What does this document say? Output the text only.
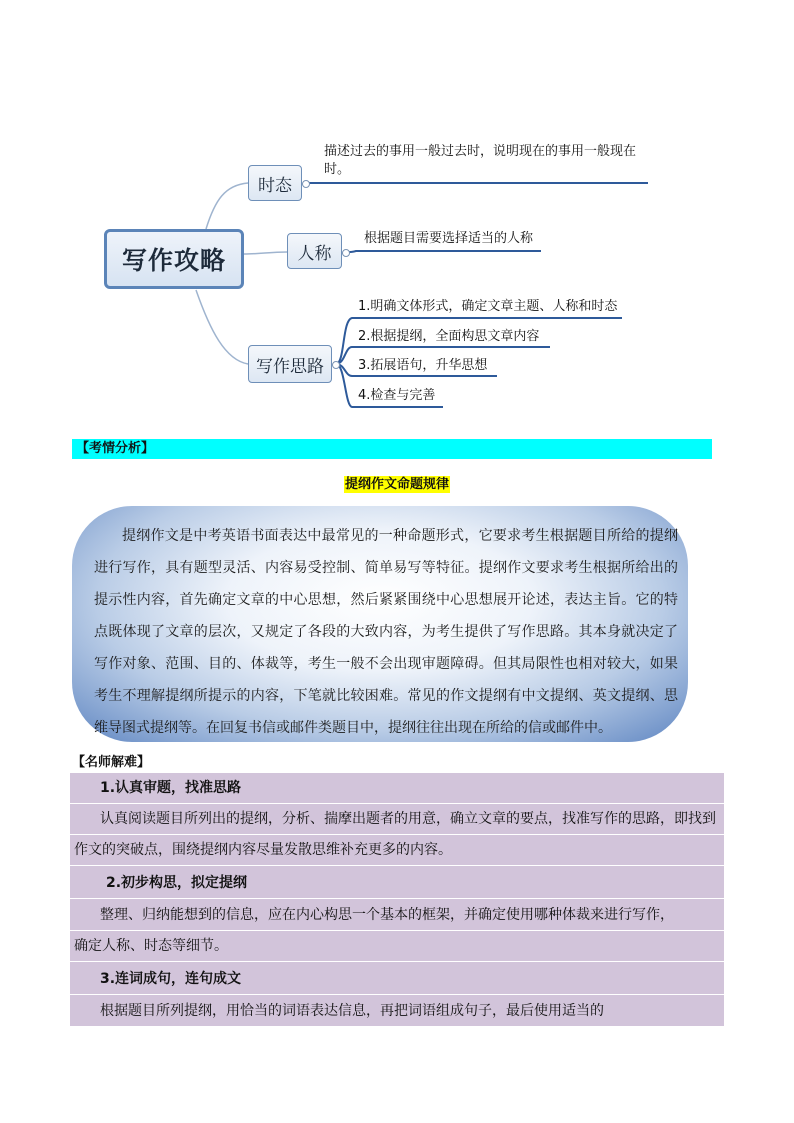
写作攻略
时态
描述过去的事用一般过去时，说明现在的事用一般现在
时。
人称
根据题目需要选择适当的人称
写作思路
1.明确文体形式，确定文章主题、人称和时态
2.根据提纲，全面构思文章内容
3.拓展语句，升华思想
4.检查与完善
【考情分析】
提纲作文命题规律

提纲作文是中考英语书面表达中最常见的一种命题形式，它要求考生根据题目所给的提纲进行写作，具有题型灵活、内容易受控制、简单易写等特征。提纲作文要求考生根据所给出的提示性内容，首先确定文章的中心思想，然后紧紧围绕中心思想展开论述，表达主旨。它的特点既体现了文章的层次，又规定了各段的大致内容，为考生提供了写作思路。其本身就决定了写作对象、范围、目的、体裁等，考生一般不会出现审题障碍。但其局限性也相对较大，如果考生不理解提纲所提示的内容，下笔就比较困难。常见的作文提纲有中文提纲、英文提纲、思维导图式提纲等。在回复书信或邮件类题目中，提纲往往出现在所给的信或邮件中。

【名师解难】
1.认真审题，找准思路
认真阅读题目所列出的提纲，分析、揣摩出题者的用意，确立文章的要点，找准写作的思路，即找到
作文的突破点，围绕提纲内容尽量发散思维补充更多的内容。
2.初步构思，拟定提纲
整理、归纳能想到的信息，应在内心构思一个基本的框架，并确定使用哪种体裁来进行写作，
确定人称、时态等细节。
3.连词成句，连句成文
根据题目所列提纲，用恰当的词语表达信息，再把词语组成句子，最后使用适当的
